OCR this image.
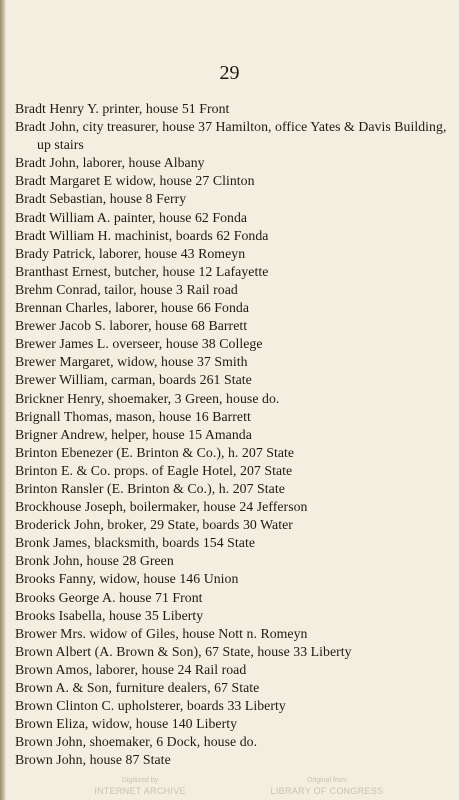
29
Bradt Henry Y. printer, house 51 Front
Bradt John, city treasurer, house 37 Hamilton, office Yates & Davis Building, up stairs
Bradt John, laborer, house Albany
Bradt Margaret E widow, house 27 Clinton
Bradt Sebastian, house 8 Ferry
Bradt William A. painter, house 62 Fonda
Bradt William H. machinist, boards 62 Fonda
Brady Patrick, laborer, house 43 Romeyn
Branthast Ernest, butcher, house 12 Lafayette
Brehm Conrad, tailor, house 3 Rail road
Brennan Charles, laborer, house 66 Fonda
Brewer Jacob S. laborer, house 68 Barrett
Brewer James L. overseer, house 38 College
Brewer Margaret, widow, house 37 Smith
Brewer William, carman, boards 261 State
Brickner Henry, shoemaker, 3 Green, house do.
Brignall Thomas, mason, house 16 Barrett
Brigner Andrew, helper, house 15 Amanda
Brinton Ebenezer (E. Brinton & Co.), h. 207 State
Brinton E. & Co. props. of Eagle Hotel, 207 State
Brinton Ransler (E. Brinton & Co.), h. 207 State
Brockhouse Joseph, boilermaker, house 24 Jefferson
Broderick John, broker, 29 State, boards 30 Water
Bronk James, blacksmith, boards 154 State
Bronk John, house 28 Green
Brooks Fanny, widow, house 146 Union
Brooks George A. house 71 Front
Brooks Isabella, house 35 Liberty
Brower Mrs. widow of Giles, house Nott n. Romeyn
Brown Albert (A. Brown & Son), 67 State, house 33 Liberty
Brown Amos, laborer, house 24 Rail road
Brown A. & Son, furniture dealers, 67 State
Brown Clinton C. upholsterer, boards 33 Liberty
Brown Eliza, widow, house 140 Liberty
Brown John, shoemaker, 6 Dock, house do.
Brown John, house 87 State
Digitized by
INTERNET ARCHIVE
Original from
LIBRARY OF CONGRESS
